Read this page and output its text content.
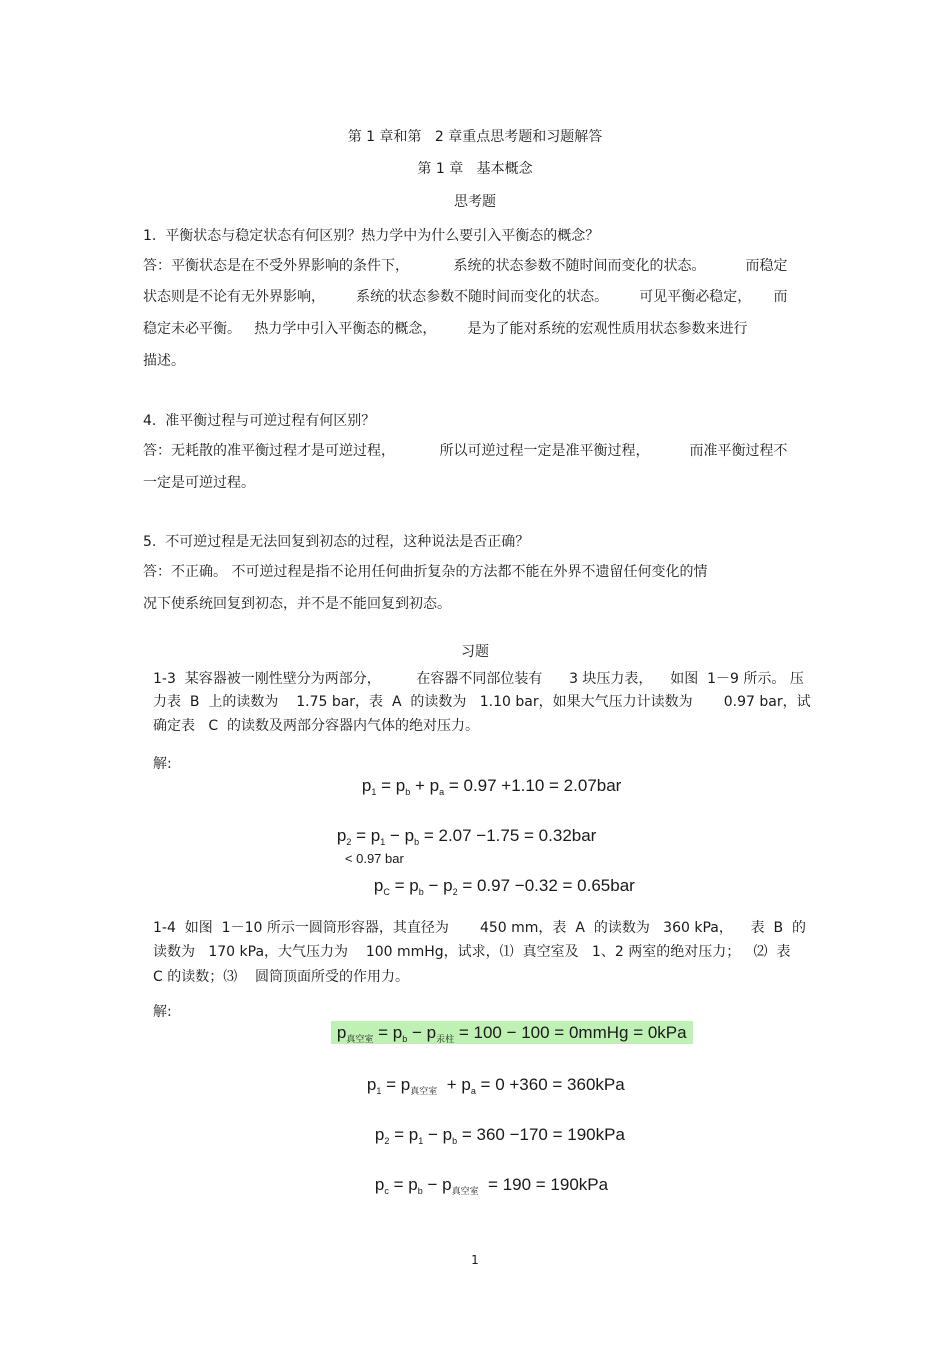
第 1 章和第   2 章重点思考题和习题解答
第 1 章   基本概念
思考题
1.  平衡状态与稳定状态有何区别？热力学中为什么要引入平衡态的概念？
答：平衡状态是在不受外界影响的条件下，          系统的状态参数不随时间而变化的状态。         而稳定
状态则是不论有无外界影响，       系统的状态参数不随时间而变化的状态。       可见平衡必稳定，     而
稳定未必平衡。   热力学中引入平衡态的概念，       是为了能对系统的宏观性质用状态参数来进行
描述。
4.  准平衡过程与可逆过程有何区别？
答：无耗散的准平衡过程才是可逆过程，          所以可逆过程一定是准平衡过程，         而准平衡过程不
一定是可逆过程。
5.  不可逆过程是无法回复到初态的过程，这种说法是否正确？
答：不正确。 不可逆过程是指不论用任何曲折复杂的方法都不能在外界不遗留任何变化的情
况下使系统回复到初态，并不是不能回复到初态。
习题
1-3  某容器被一刚性壁分为两部分，        在容器不同部位装有      3 块压力表，    如图  1－9 所示。 压
力表  B  上的读数为    1.75 bar，表  A  的读数为   1.10 bar，如果大气压力计读数为       0.97 bar，试
确定表   C  的读数及两部分容器内气体的绝对压力。
解:

$p_1 = p_b + p_a = 0.97 +1.10 = 2.07bar$

$p_2 = p_1 - p_b = 2.07 -1.75 = 0.32bar$
< 0.97 bar

$p_C = p_b - p_2 = 0.97 -0.32 = 0.65bar$

1-4  如图  1－10 所示一圆筒形容器，其直径为       450 mm，表  A  的读数为   360 kPa，    表  B  的
读数为   170 kPa，大气压力为    100 mmHg，试求，⑴  真空室及   1、2 两室的绝对压力；   ⑵  表
C 的读数；⑶    圆筒顶面所受的作用力。
解:

$p_{真空室} = p_b - p_{汞柱} = 100 - 100$ = 0mmHg = 0kPa

$p_1 = p_{真空室} + p_a = 0 +360 = 360kPa$

$p_2 = p_1 - p_b = 360 -170 = 190kPa$

$p_c = p_b - p_{真空室} = 190 = 190kPa$

1
